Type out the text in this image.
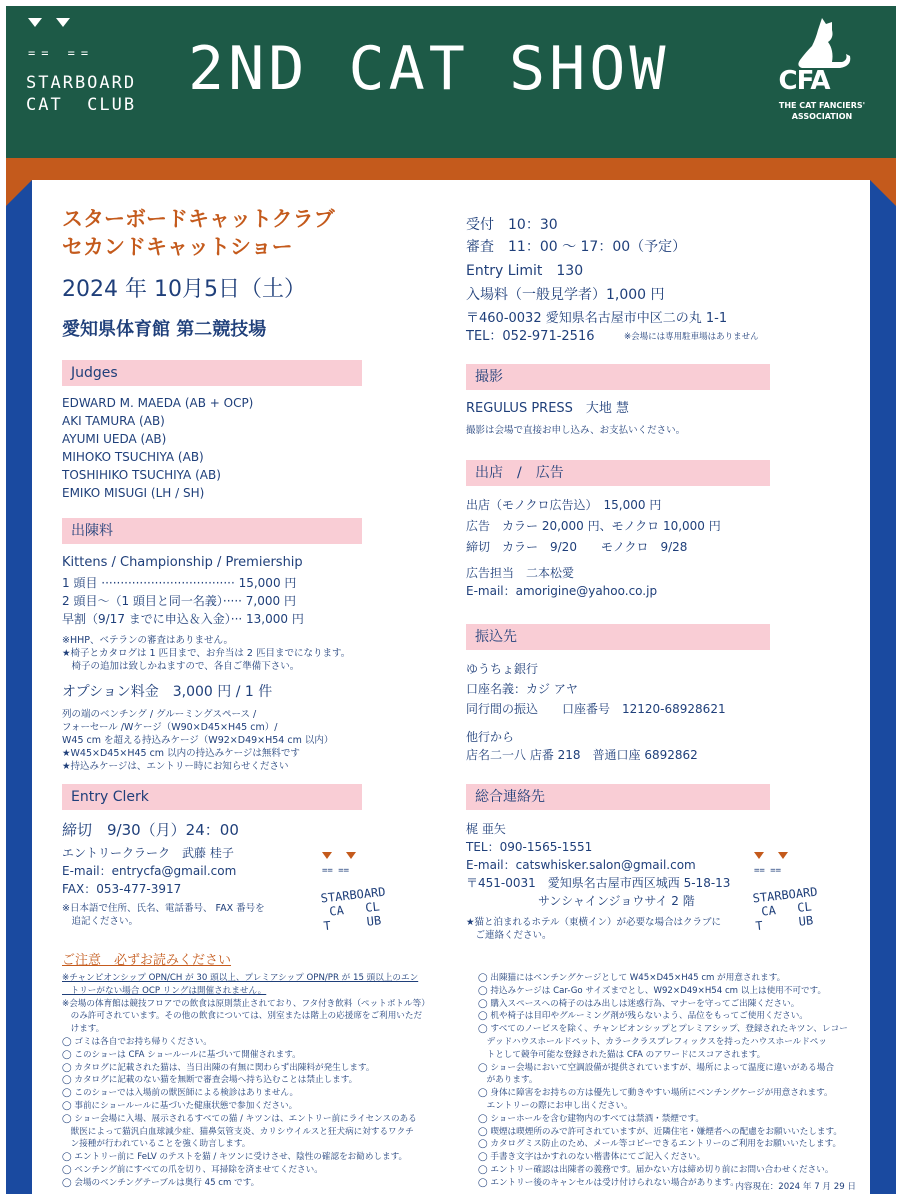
== ==
STARBOARD
CAT  CLUB
2ND CAT SHOW	CFA
THE CAT FANCIERS'
ASSOCIATION
スターボードキャットクラブ
セカンドキャットショー
2024 年 10月5日（土）
愛知県体育館 第二競技場
Judges
EDWARD M. MAEDA (AB + OCP)
AKI TAMURA (AB)
AYUMI UEDA (AB)
MIHOKO TSUCHIYA (AB)
TOSHIHIKO TSUCHIYA (AB)
EMIKO MISUGI (LH / SH)
出陳料
Kittens / Championship / Premiership
1 頭目 ··································· 15,000 円
2 頭目～（1 頭目と同一名義）····· 7,000 円
早割（9/17 までに申込＆入金）··· 13,000 円
※HHP、ベテランの審査はありません。
★椅子とカタログは 1 匹目まで、お弁当は 2 匹目までになります。
　椅子の追加は致しかねますので、各自ご準備下さい。
オプション料金　3,000 円 / 1 件
列の端のベンチング / グルーミングスペース /
フォーセール /Wケージ（W90×D45×H45 cm）/
W45 cm を超える持込みケージ（W92×D49×H54 cm 以内）
★W45×D45×H45 cm 以内の持込みケージは無料です
★持込みケージは、エントリー時にお知らせください
Entry Clerk
締切　9/30（月）24：00
エントリークラーク　武藤 桂子
E-mail：entrycfa@gmail.com
FAX：053-477-3917
※日本語で住所、氏名、電話番号、 FAX 番号を
　追記ください。
== ==
STARBOARD
CA   CL
T     UB
受付　10：30
審査　11：00 ～ 17：00（予定）
Entry Limit　130
入場料（一般見学者）1,000 円
〒460-0032 愛知県名古屋市中区二の丸 1-1
TEL：052-971-2516	※会場には専用駐車場はありません
撮影
REGULUS PRESS　大地 慧
撮影は会場で直接お申し込み、お支払いください。
出店　/　広告
出店（モノクロ広告込）　15,000 円
広告　カラー 20,000 円、モノクロ 10,000 円
締切　カラー　9/20　　モノクロ　9/28
広告担当　二本松愛
E-mail：amorigine@yahoo.co.jp
振込先
ゆうちょ銀行
口座名義：カジ アヤ
同行間の振込　　口座番号　12120-68928621
他行から
店名二一八 店番 218　普通口座 6892862
総合連絡先
梶 亜矢
TEL：090-1565-1551
E-mail：catswhisker.salon@gmail.com
〒451-0031　愛知県名古屋市西区城西 5-18-13
　　　　　　サンシャインジョウサイ 2 階
★猫と泊まれるホテル（東横イン）が必要な場合はクラブに
　ご連絡ください。
== ==
STARBOARD
CA   CL
T     UB
ご注意　必ずお読みください
※チャンピオンシップ OPN/CH が 30 頭以上、プレミアシップ OPN/PR が 15 頭以上のエン
　トリーがない場合 OCP リングは開催されません。
※会場の体育館は競技フロアでの飲食は原則禁止されており、フタ付き飲料（ペットボトル等）
　のみ許可されています。その他の飲食については、別室または階上の応援席をご利用いただ
　けます。
◯ ゴミは各自でお持ち帰りください。
◯ このショーは CFA ショールールに基づいて開催されます。
◯ カタログに記載された猫は、当日出陳の有無に関わらず出陳料が発生します。
◯ カタログに記載のない猫を無断で審査会場へ持ち込むことは禁止します。
◯ このショーでは入場前の獣医師による検診はありません。
◯ 事前にショールールに基づいた健康状態で参加ください。
◯ ショー会場に入場、展示されるすべての猫 / キツンは、エントリー前にライセンスのある
　獣医によって猫汎白血球減少症、猫鼻気管支炎、カリシウイルスと狂犬病に対するワクチ
　ン接種が行われていることを強く助言します。
◯ エントリー前に FeLV のテストを猫 / キツンに受けさせ、陰性の確認をお勧めします。
◯ ベンチング前にすべての爪を切り、耳掃除を済ませてください。
◯ 会場のベンチングテーブルは奥行 45 cm です。
◯ 出陳猫にはベンチングケージとして W45×D45×H45 cm が用意されます。
◯ 持込みケージは Car-Go サイズまでとし、W92×D49×H54 cm 以上は使用不可です。
◯ 購入スペースへの椅子のはみ出しは迷惑行為、マナーを守ってご出陳ください。
◯ 机や椅子は目印やグルーミング剤が残らないよう、品位をもってご使用ください。
◯ すべてのノービスを除く、チャンピオンシップとプレミアシップ、登録されたキツン、レコー
　デッドハウスホールドペット、カラークラスプレフィックスを持ったハウスホールドペッ
　トとして競争可能な登録された猫は CFA のアワードにスコアされます。
◯ ショー会場において空調設備が提供されていますが、場所によって温度に違いがある場合
　があります。
◯ 身体に障害をお持ちの方は優先して動きやすい場所にベンチングケージが用意されます。
　エントリーの際にお申し出ください。
◯ ショーホールを含む建物内のすべては禁酒・禁煙です。
◯ 喫煙は喫煙所のみで許可されていますが、近隣住宅・嫌煙者への配慮をお願いいたします。
◯ カタログミス防止のため、メール等コピーできるエントリーのご利用をお願いいたします。
◯ 手書き文字はかすれのない楷書体にてご記入ください。
◯ エントリー確認は出陳者の義務です。届かない方は締め切り前にお問い合わせください。
◯ エントリー後のキャンセルは受け付けられない場合があります。
内容現在：2024 年 7 月 29 日
